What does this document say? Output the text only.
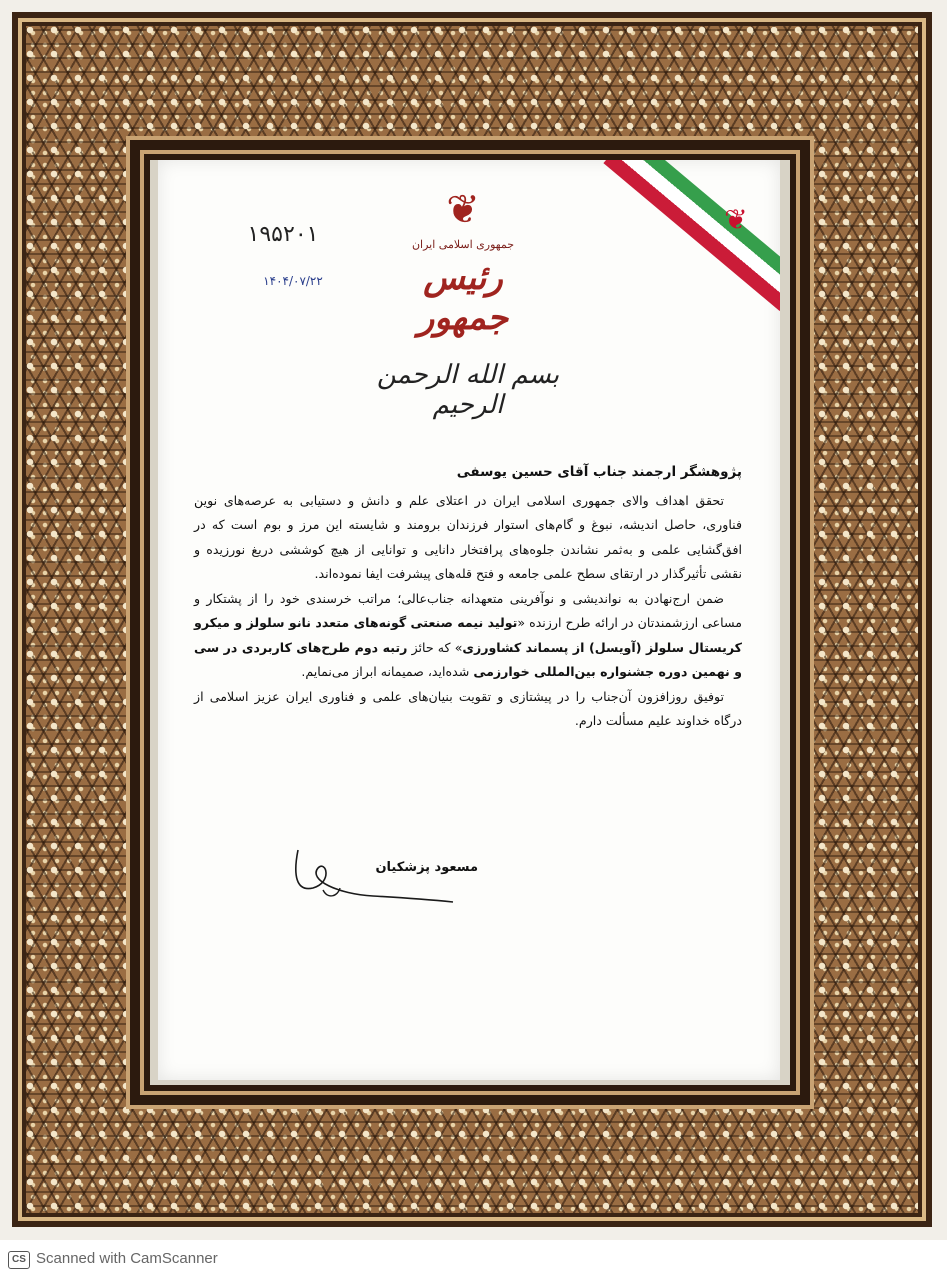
❦
❦
جمهوری اسلامی ایران
رئیس جمهور
۱۹۵۲۰۱
۱۴۰۴/۰۷/۲۲
بسم الله الرحمن الرحیم
پژوهشگر ارجمند جناب آقای حسین یوسفی

تحقق اهداف والای جمهوری اسلامی ایران در اعتلای علم و دانش و دستیابی به عرصه‌های نوین فناوری، حاصل اندیشه، نبوغ و گام‌های استوار فرزندان برومند و شایسته این مرز و بوم است که در افق‌گشایی علمی و به‌ثمر نشاندن جلوه‌های پرافتخار دانایی و توانایی از هیچ کوششی دریغ نورزیده و نقشی تأثیرگذار در ارتقای سطح علمی جامعه و فتح قله‌های پیشرفت ایفا نموده‌اند.

ضمن ارج‌نهادن به نواندیشی و نوآفرینی متعهدانه جناب‌عالی؛ مراتب خرسندی خود را از پشتکار و مساعی ارزشمندتان در ارائه طرح ارزنده «تولید نیمه صنعتی گونه‌های متعدد نانو سلولز و میکرو کریستال سلولز (آویسل) از پسماند کشاورزی» که حائز رتبه دوم طرح‌های کاربردی در سی و نهمین دوره جشنواره بین‌المللی خوارزمی شده‌اید، صمیمانه ابراز می‌نمایم.

توفیق روزافزون آن‌جناب را در پیشتازی و تقویت بنیان‌های علمی و فناوری ایران عزیز اسلامی از درگاه خداوند علیم مسألت دارم.

مسعود پزشکیان
CS Scanned with CamScanner
